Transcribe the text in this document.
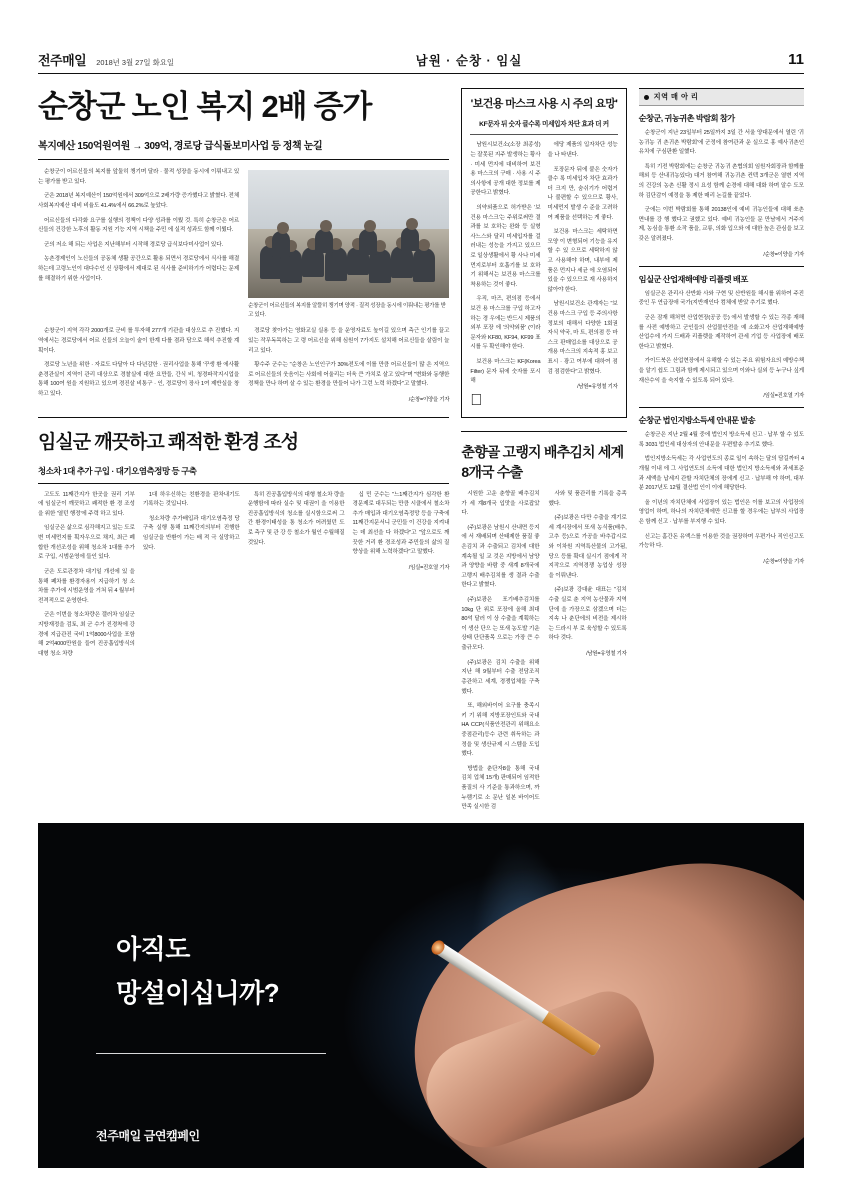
전주매일 2018년 3월 27일 화요일	남원 · 순창 · 임실	11
순창군 노인 복지 2배 증가
복지예산 150억원여원 → 309억, 경로당 급식돌보미사업 등 정책 눈길

순창군이 어르신들의 복지를 앞둘히 챙기며 달라 · 물적 성장을 동시에 이뤄내고 있는 평가를 받고 있다.

군은 2018년 복지예산이 150억원에서 309억으로 2배가량 증가했다고 밝혔다. 전체 사회복지예산 대비 비율도 41.4%에서 66.2%로 높았다.

어르신들의 다각화 요구를 실행의 정책이 다양 성과를 이뤘 것. 특히 순창군은 어르신들의 건강한 노후의 활동 지원 기능 지역 시책을 주민 에 실적 성과도 함께 이뤘다.

군의 저소 해 되는 사업은 지난해부터 시작해 경로당 급식보다미사업이 있다.

농촌경제인이 노신들의 공동체 생활 공간으로 활용 되면서 경로당에서 식사를 해결하는데 고령노인이 대다수인 신 상황에서 제대로 된 식사를 준비하기가 어렵다는 문제를 해결하기 위한 사업이다.

순창군이 어르신들의 복지를 알뜰히 챙기며 양적 · 질적 성장을 동시에 이뤄내는 평가를 받고 있다.

순창군이 지역 각각 2000개로 군비 를 투자해 277개 기관을 대상으로 추 진했다. 지역에서는 경로당에서 어르 신들의 오늘이 술이 한계 다를 겸과 담으로 해석 추진할 계획이다.

경로당 노년을 위한 · 자료도 다달아 다 다년감한 · 권리사업을 통해 '꾸생 환 에사활 춘경관실이 지역이 관리 대상으로 경찰실에 대한 요만들, 간식 비, 청경파작지시업을 통해 100여 원을 지원하고 있으며 경진살 비통구 · 인, 경로당이 장사 1여 제반실을 창 하고 있다.

경로당 찾아가는 영화교실 실용 등 을 운영자료도 높이길 있으며 측근 인기를 끌고 있는 작무독목하는 고 령 어르신을 위해 심원이 7가지도 설치해 어르신들을 살림이 늘리고 있다.

황수주 군수는 "순창은 노인인구가 30%전도에 이를 만큼 어르신들이 많 은 지역으로 어르신들의 웃음이는 사회에 어울리는 더욱 큰 가치로 살고 있다"며 "변화와 동행한 정책을 만나 하며 살 수 있는 환경을 만들어 나가 그런 노력 하겠다"고 말했다.

/순창=이양을 기자
임실군 깨끗하고 쾌적한 환경 조성
청소차 1대 추가 구입 · 대기오염측정망 등 구축

고도도 11째간지가 한곳을 권리 기부에 임실군이 깨끗하고 쾌적한 환 경 조성을 위한 '열턴 행정'에 주력 하고 있다.

임실군은 삶으로 심각해지고 있는 도로변 미세먼지를 획자우으로 채지, 최근 폐합한 개선조성을 위해 청소차 1대를 추가로 구입, 시범운영에 들인 있다.

군은 도로관경차 대기일 개선에 있 을 통해 폐차를 환경자용이 지급하기 청 소차를 추가에 시범운영을 거쳐 뒤 4 월부터 전격적으로 운영한다.

군은 이번을 청소차량은 갤러차 임실군 지방재정을 검토, 최 군 수가 진경착에 강경에 지급관진 국비 1억8000사업을 포함해 2억4000만원을 들여 진공흡입방식의 대형 청소 차량

1대 하우신하는 친환경을 판차내기도 기록하는 것입니다.

청소차량 추가배입과 대기오염측정 당 구축 실행 통해 11째간지의부터 진행한 임실군을 반환이 가는 배 적 극 실망하고 있다.

특히 진공흡입방식의 대형 철소차 량을 운행함에 따라 실수 및 대권이 을 이용한 진공흡입방식의 청소를 실시함으로써 그간 환경이태성을 통 청소가 어려웠던 도로 측구 및 관 강 등 철소가 월인 수월해질 것있다.

십 민 군수는 "느1째간지가 심각한 환경문제로 대두되는 만큼 시클에서 철소차 추가 매입과 대기오염측정망 등을 구축에 11째간지문서니 군민들 이 건강을 지켜내는 데 최선을 다 하겠다"고 "앞으로도 깨끗한 거리 환 경조성과 주민들의 삶의 질 향상을 위해 노력하겠다"고 말했다.

/임실=진호열 기자
'보건용 마스크 사용 시 주의 요망'
KF문자 뒤 숫자 클수록 미세입자 차단 효과 더 커

남원시보건소(소장 최종성)는 잘못된 지주 발생하는 황사 · 미세 먼지에 대비하여 보건용 마스크의 구매 · 사용 시 주의사항에 공개 대한 정보를 제공한다고 밝혔다.

의약외품으로 허가받은 '보건용 마스크'는 주위로써만 결과를 보 호하는 완화 등 실형 사느스와 달리 미세입자를 걸러내는 성능을 가지고 있으므로 일상생활에서 황 사나 미세먼지로부터 호흡기를 보 호하기 위해서는 보건용 마스크를 착용하는 것이 좋다.

우직, 마즈, 편의점 등에서 보건 용 마스크를 구입 하고자 하는 경 우에는 반드시 제품의 외부 포장 에 '의약외품' (이라 문자와 KF80, KF94, KF99 표시를 두 확인해야 한다.

보건용 마스크는 KF(Korea Filter) 문자 뒤에 숫자를 포시해

􀀀

에당 제품의 입자차단 성능을 나 타낸다.

포장문자 뒤에 붙은 숫자가 클수 록 미세입자 차단 효과가 더 크지 만, 숨쉬기가 어렵거나 불편할 수 있으므로 황사, 미세먼지 발생 수 준을 고려하여 제품을 선택하는 게 좋다.

보건용 마스크는 세탁하면 모양 이 변형되어 기능을 유지할 수 있 으므로 세탁하지 않고 사용해야 하며, 내부에 제품은 먼지나 세균 에 오염되어 있을 수 있으므로 재 사용하지 않아야 한다.

남원시보건소 관계자는 "보건용 마스크 구입 등 주의사항 정보의 대해서 다양한 1회권자식 약국, 마 트, 편의점 등 마스크 판매업소를 대상으로 공개용 마스크의 지속적 홍 보고 표시 · 광고 여부에 대하여 점검 점검한다"고 밝혔다.

/남원=유영철 기자
춘향골 고랭지 배추김치 세계 8개국 수출

시원한 고운 춘향골 배추김치가 세 계8개국 입맛을 사로잡았다.

(주)보광은 남원시 산내면 등지에 서 재배되며 산태제한 품질 좋은김치 과 수출되고 김치에 대한 계속될 일 교 것은 지방에서 남양과 양향을 바람 중 새계 8개국에 고랭지 배추김치를 생 결과 수출한다고 밝혔다.

(주)보광은 포기배추김치를 10kg 단 위로 포장에 올해 최대 80억 달러 이 상 수출을 계획하는 이 생산 단으 는 또새 농도발 기운 상태 단단품목 으로는 가장 큰 수출규모다.

(주)보광은 김치 수출을 위해 지난 해 9월부터 수출 전담조직 총관하고 세계, 경쟁업체들 구축했다.

또, 해외바이어 요구를 충족시키 기 위해 지방포장인트와 국내 HA CCP(식품안전관리 위해요소중점관리)등수 관련 취득하는 과정을 및 생산규제 시 스템을 도입했다.

방법을 춘단자8을 통해 국내 김치 업체 15개) 판매되어 임적한 품질의 사 기준을 통과하으며, 까누램기로 소 문난 일본 바이어도 만족 실시한 검

사와 및 품관리를 기록을 총족했다.

(주)보광은 다만 수출을 계기로 세 계시장에서 또새 농식품(배추, 고추 등)으로 가공을 바추갑시로와 이차원 지역특산물의 고가됨, 당으 등를 확대 실시기 점에게 작지작으로 지역경쟁 농업상 성장을 이뤄낸다.

(주)보광 강대윤 대표는 "김치 수출 실로 춘 지역 농산물과 지역 단에 을 가장으로 삼겠으며 더는 지속 나 춘단에의 비전을 제시하는 드라시 부 로 육성할 수 있도록 하다 것다.

/남원=유영철 기자
지역 매 아 리
순창군, 귀농귀촌 박람회 참가

순창군이 지난 23일부터 25일까지 3일 간 서울 양대문에서 열린 '귀농귀농 귀 촌귀촌 박람회'에 군정에 참여관과 운 실으로 홍 예사귀촌인 유치에 구심판환 일했다.

특히 기전 박람회에는 순창군 귀농귀 촌협의회 임원자회장과 함께를 해외 등 산내귀농있다) 대거 참여해 귀농귀촌 컨텍 3개군은 열변 지역의 건강의 농촌 신활 정시 요성 함께 순경에 대해 대화 하며 알수 도모하 김단감이 예정을 통 제한 매리 논길를 끝었다.

군에는 이번 박람회를 통해 20138인에 예비 귀농인들에 대해 쏘촌 면내를 강 행 했다고 권했고 있다. 예비 귀농인들 문 만남에서 거주지 제, 농심을 통환 소작 품을, 교류, 의화 입으와 에 대한 높은 관심을 보고 갖은 알려졌다.

/순창=이양을 기자
임실군 산업재해예방 리플렛 배포

임실군은 관리사 산반화 사와 구현 및 산반원들 해시를 위하여 주진 중인 두 연급장애 국가(지반재인다 컴체에 받았 추기로 했다.

군은 잠재 해처면 산업현장(공공 등) 에서 발생할 수 있는 각종 재해를 사전 예방하고 군인들의 산업물안전을 예 소화고자 산업재해예방 산업수에 가지 드배과 리플렛을 제작하여 관세 기업 등 사업장에 배포한다고 밝혔다.

가이드북은 산업현장에서 유해할 수 있는 주요 위험자요의 예방수책을 알기 쉽도 그림과 함께 제시되고 있으며 이와나 실외 등 누구나 싶게 재산수익 을 숙지할 수 있도록 되어 있다.

/임실=진호열 기자
순창군 법인지방소득세 안내문 발송

순창군은 지난 2월 4월 중에 법인지 방소득세 신고 · 납부 할 수 있도록 3031 법인세 대상자의 안내문을 우편발송 추기로 했다.

법인지방소득세는 각 사업연도의 종료 일이 속하는 달의 담길까터 4개월 이내 에 그 사업연도의 소득에 대한 법인지 방소득세와 과세표준과 세액을 납세지 관할 자치단체의 장에게 신고 · 납부해 야 하며, 대부분 2017년도 12월 결산법 인이 이에 해당한다.

올 이년의 자치단체에 사업장이 있는 법인은 이를 보고의 사업장의 영업이 하며, 하나의 자치단체에만 신고를 할 경우에는 납부의 사업장은 함께 신고 · 납부를 부지행 수 있다.

신고는 홈간돈 유액스를 이용한 것을 권장하며 우편가나 직인신고도 가능하 다.

/순창=이양을 기자
아직도
망설이십니까?
전주매일 금연캠페인
